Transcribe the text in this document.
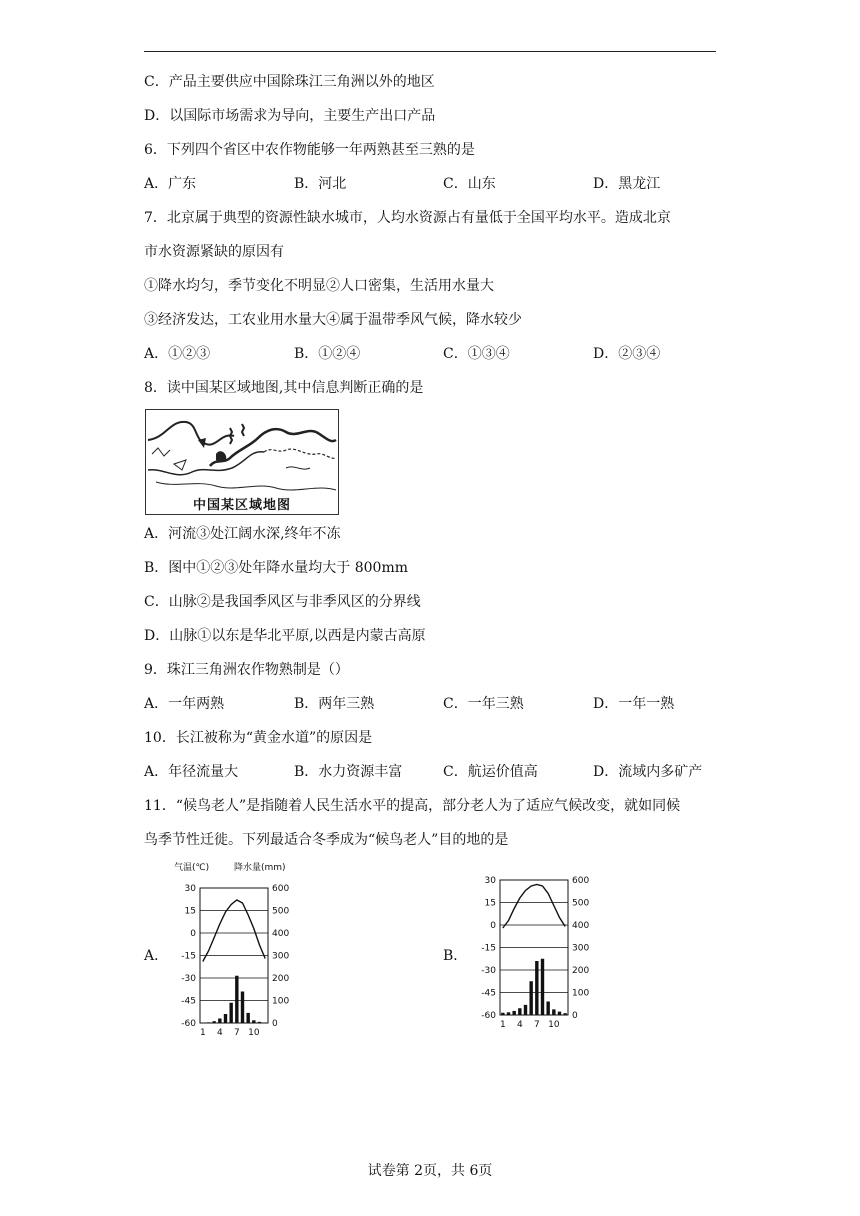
C．产品主要供应中国除珠江三角洲以外的地区
D．以国际市场需求为导向，主要生产出口产品
6．下列四个省区中农作物能够一年两熟甚至三熟的是
A．广东	B．河北	C．山东	D．黑龙江
7．北京属于典型的资源性缺水城市，人均水资源占有量低于全国平均水平。造成北京
市水资源紧缺的原因有
①降水均匀，季节变化不明显②人口密集，生活用水量大
③经济发达，工农业用水量大④属于温带季风气候，降水较少
A．①②③	B．①②④	C．①③④	D．②③④
8．读中国某区域地图,其中信息判断正确的是
中国某区域地图
A．河流③处江阔水深,终年不冻
B．图中①②③处年降水量均大于 800mm
C．山脉②是我国季风区与非季风区的分界线
D．山脉①以东是华北平原,以西是内蒙古高原
9．珠江三角洲农作物熟制是（）
A．一年两熟	B．两年三熟	C．一年三熟	D．一年一熟
10．长江被称为“黄金水道”的原因是
A．年径流量大	B．水力资源丰富	C．航运价值高	D．流域内多矿产
11．“候鸟老人”是指随着人民生活水平的提高，部分老人为了适应气候改变，就如同候
鸟季节性迁徙。下列最适合冬季成为“候鸟老人”目的地的是
A．
气温(℃)	降水量(mm)
30	600
15	500
0	400
-15	300
-30	200
-45	100
-60	0
1 4 7 10
B．
30	600
15	500
0	400
-15	300
-30	200
-45	100
-60	0
1 4 7 10
试卷第 2页，共 6页
